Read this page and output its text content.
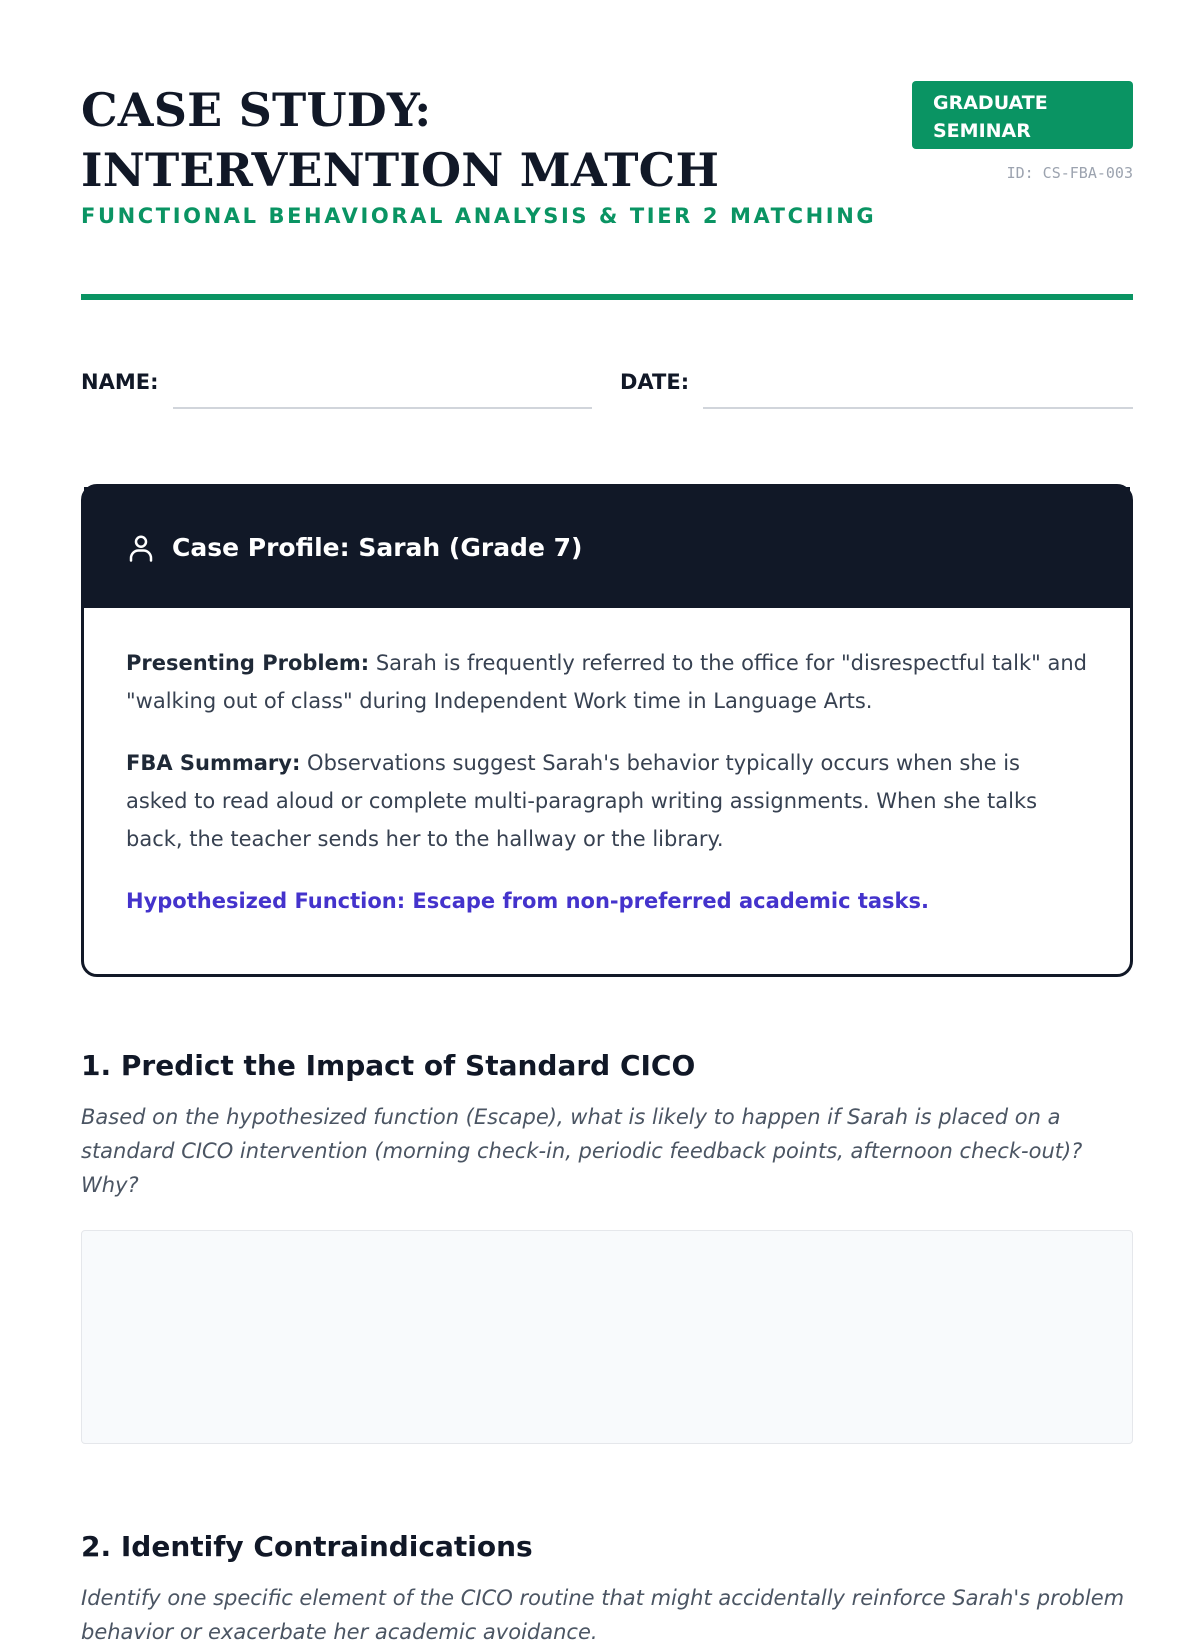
CASE STUDY: INTERVENTION MATCH
FUNCTIONAL BEHAVIORAL ANALYSIS & TIER 2 MATCHING
GRADUATE SEMINAR
ID: CS-FBA-003
NAME:	DATE:
Case Profile: Sarah (Grade 7)

Presenting Problem: Sarah is frequently referred to the office for "disrespectful talk" and "walking out of class" during Independent Work time in Language Arts.

FBA Summary: Observations suggest Sarah's behavior typically occurs when she is asked to read aloud or complete multi-paragraph writing assignments. When she talks back, the teacher sends her to the hallway or the library.

Hypothesized Function: Escape from non-preferred academic tasks.

1. Predict the Impact of Standard CICO

Based on the hypothesized function (Escape), what is likely to happen if Sarah is placed on a standard CICO intervention (morning check-in, periodic feedback points, afternoon check-out)? Why?

2. Identify Contraindications

Identify one specific element of the CICO routine that might accidentally reinforce Sarah's problem behavior or exacerbate her academic avoidance.
